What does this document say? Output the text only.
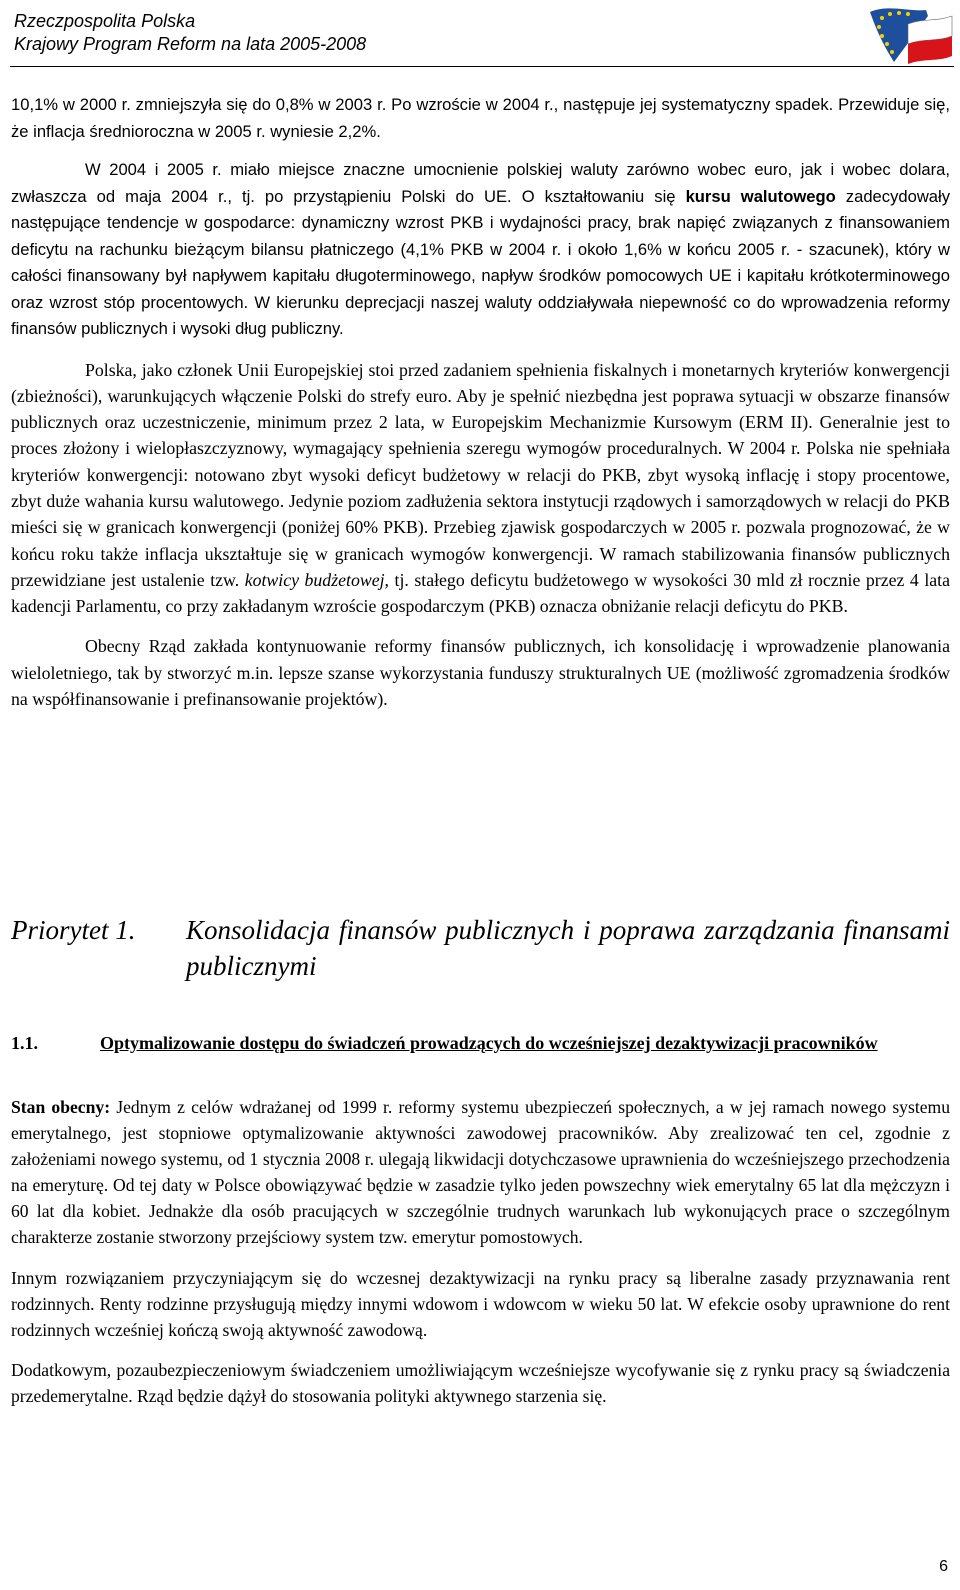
Rzeczpospolita Polska
Krajowy Program Reform na lata 2005-2008

10,1% w 2000 r. zmniejszyła się do 0,8% w 2003 r. Po wzroście w 2004 r., następuje jej systematyczny spadek. Przewiduje się, że inflacja średnioroczna w 2005 r. wyniesie 2,2%.

W 2004 i 2005 r. miało miejsce znaczne umocnienie polskiej waluty zarówno wobec euro, jak i wobec dolara, zwłaszcza od maja 2004 r., tj. po przystąpieniu Polski do UE. O kształtowaniu się kursu walutowego zadecydowały następujące tendencje w gospodarce: dynamiczny wzrost PKB i wydajności pracy, brak napięć związanych z finansowaniem deficytu na rachunku bieżącym bilansu płatniczego (4,1% PKB w 2004 r. i około 1,6% w końcu 2005 r. - szacunek), który w całości finansowany był napływem kapitału długoterminowego, napływ środków pomocowych UE i kapitału krótkoterminowego oraz wzrost stóp procentowych. W kierunku deprecjacji naszej waluty oddziaływała niepewność co do wprowadzenia reformy finansów publicznych i wysoki dług publiczny.

Polska, jako członek Unii Europejskiej stoi przed zadaniem spełnienia fiskalnych i monetarnych kryteriów konwergencji (zbieżności), warunkujących włączenie Polski do strefy euro. Aby je spełnić niezbędna jest poprawa sytuacji w obszarze finansów publicznych oraz uczestniczenie, minimum przez 2 lata, w Europejskim Mechanizmie Kursowym (ERM II). Generalnie jest to proces złożony i wielopłaszczyznowy, wymagający spełnienia szeregu wymogów proceduralnych. W 2004 r. Polska nie spełniała kryteriów konwergencji: notowano zbyt wysoki deficyt budżetowy w relacji do PKB, zbyt wysoką inflację i stopy procentowe, zbyt duże wahania kursu walutowego. Jedynie poziom zadłużenia sektora instytucji rządowych i samorządowych w relacji do PKB mieści się w granicach konwergencji (poniżej 60% PKB). Przebieg zjawisk gospodarczych w 2005 r. pozwala prognozować, że w końcu roku także inflacja ukształtuje się w granicach wymogów konwergencji. W ramach stabilizowania finansów publicznych przewidziane jest ustalenie tzw. kotwicy budżetowej, tj. stałego deficytu budżetowego w wysokości 30 mld zł rocznie przez 4 lata kadencji Parlamentu, co przy zakładanym wzroście gospodarczym (PKB) oznacza obniżanie relacji deficytu do PKB.

Obecny Rząd zakłada kontynuowanie reformy finansów publicznych, ich konsolidację i wprowadzenie planowania wieloletniego, tak by stworzyć m.in. lepsze szanse wykorzystania funduszy strukturalnych UE (możliwość zgromadzenia środków na współfinansowanie i prefinansowanie projektów).

Priorytet 1. Konsolidacja finansów publicznych i poprawa zarządzania finansami publicznymi
1.1.	Optymalizowanie dostępu do świadczeń prowadzących do wcześniejszej dezaktywizacji pracowników

Stan obecny: Jednym z celów wdrażanej od 1999 r. reformy systemu ubezpieczeń społecznych, a w jej ramach nowego systemu emerytalnego, jest stopniowe optymalizowanie aktywności zawodowej pracowników. Aby zrealizować ten cel, zgodnie z założeniami nowego systemu, od 1 stycznia 2008 r. ulegają likwidacji dotychczasowe uprawnienia do wcześniejszego przechodzenia na emeryturę. Od tej daty w Polsce obowiązywać będzie w zasadzie tylko jeden powszechny wiek emerytalny 65 lat dla mężczyzn i 60 lat dla kobiet. Jednakże dla osób pracujących w szczególnie trudnych warunkach lub wykonujących prace o szczególnym charakterze zostanie stworzony przejściowy system tzw. emerytur pomostowych.

Innym rozwiązaniem przyczyniającym się do wczesnej dezaktywizacji na rynku pracy są liberalne zasady przyznawania rent rodzinnych. Renty rodzinne przysługują między innymi wdowom i wdowcom w wieku 50 lat. W efekcie osoby uprawnione do rent rodzinnych wcześniej kończą swoją aktywność zawodową.

Dodatkowym, pozaubezpieczeniowym świadczeniem umożliwiającym wcześniejsze wycofywanie się z rynku pracy są świadczenia przedemerytalne. Rząd będzie dążył do stosowania polityki aktywnego starzenia się.

6
